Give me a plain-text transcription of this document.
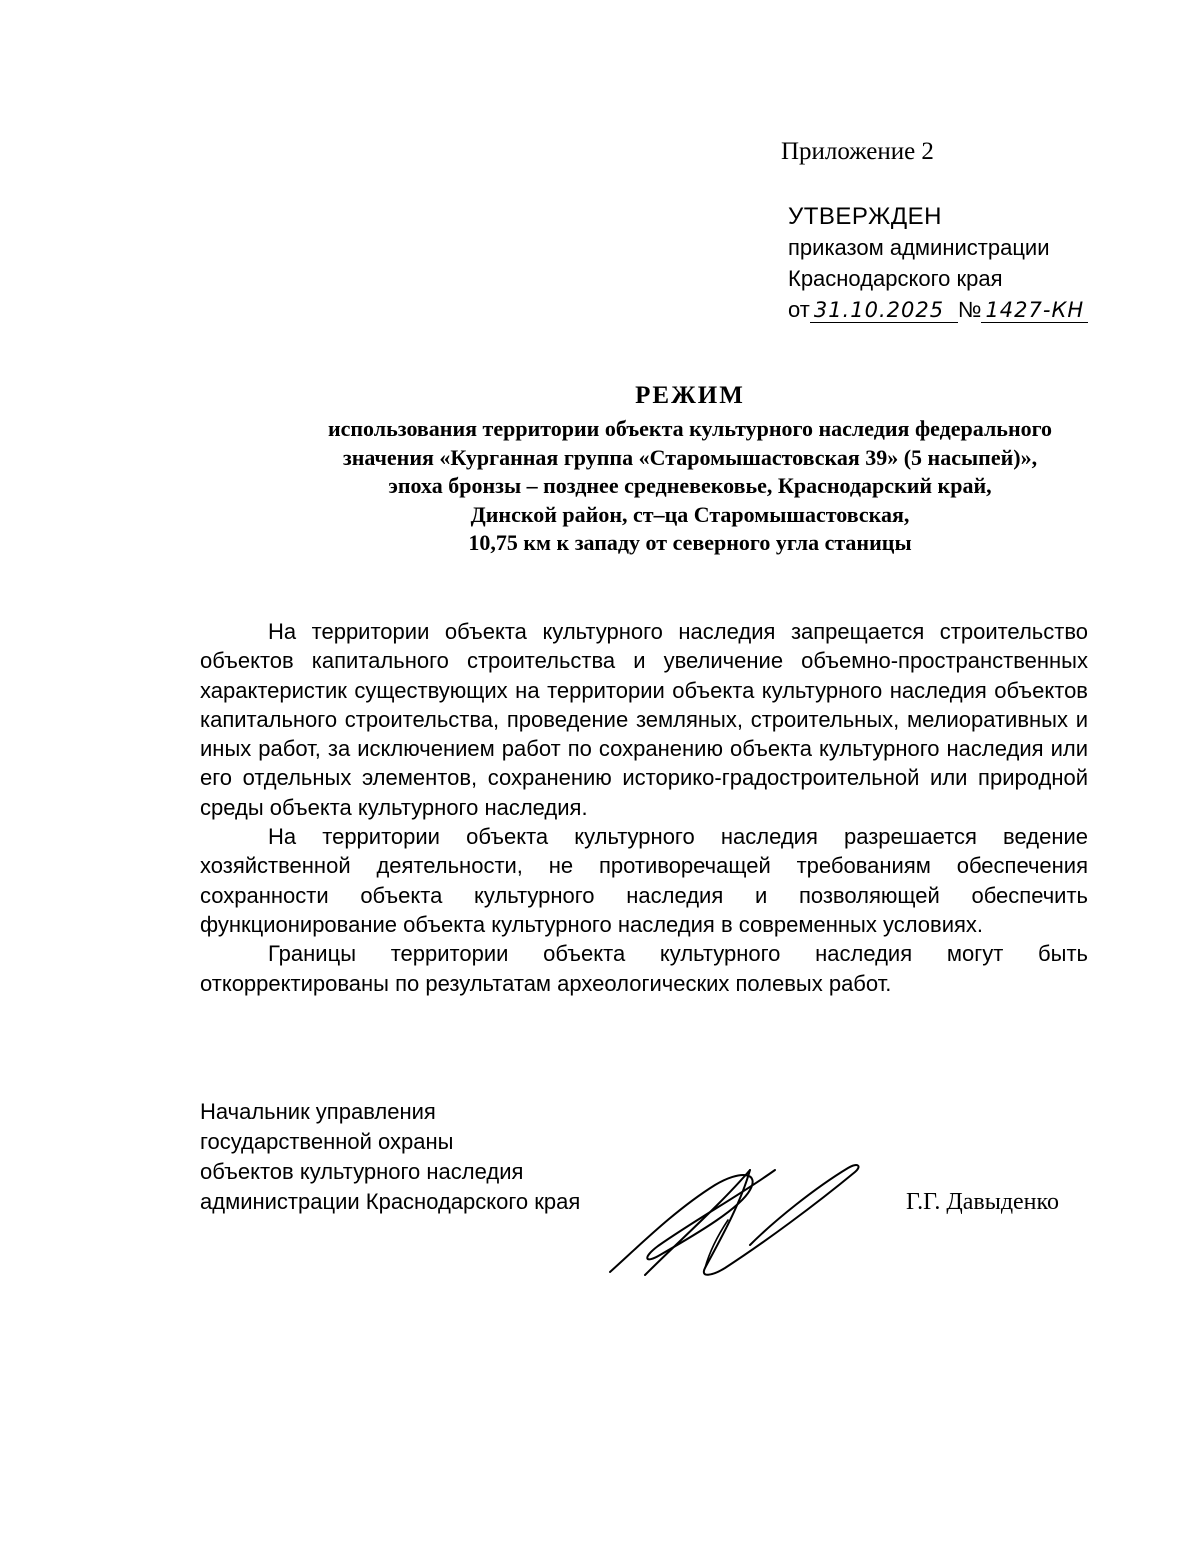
Приложение 2
УТВЕРЖДЕН
приказом администрации
Краснодарского края
от 31.10.2025 № 1427-КН
РЕЖИМ
использования территории объекта культурного наследия федерального
значения «Курганная группа «Старомышастовская 39» (5 насыпей)»,
эпоха бронзы – позднее средневековье, Краснодарский край,
Динской район, ст–ца Старомышастовская,
10,75 км к западу от северного угла станицы

На территории объекта культурного наследия запрещается строительство объектов капитального строительства и увеличение объемно-пространственных характеристик существующих на территории объекта культурного наследия объектов капитального строительства, проведение земляных, строительных, мелиоративных и иных работ, за исключением работ по сохранению объекта культурного наследия или его отдельных элементов, сохранению историко-градостроительной или природной среды объекта культурного наследия.

На территории объекта культурного наследия разрешается ведение хозяйственной деятельности, не противоречащей требованиям обеспечения сохранности объекта культурного наследия и позволяющей обеспечить функционирование объекта культурного наследия в современных условиях.

Границы территории объекта культурного наследия могут быть откорректированы по результатам археологических полевых работ.

Начальник управления
государственной охраны
объектов культурного наследия
администрации Краснодарского края	Г.Г. Давыденко
